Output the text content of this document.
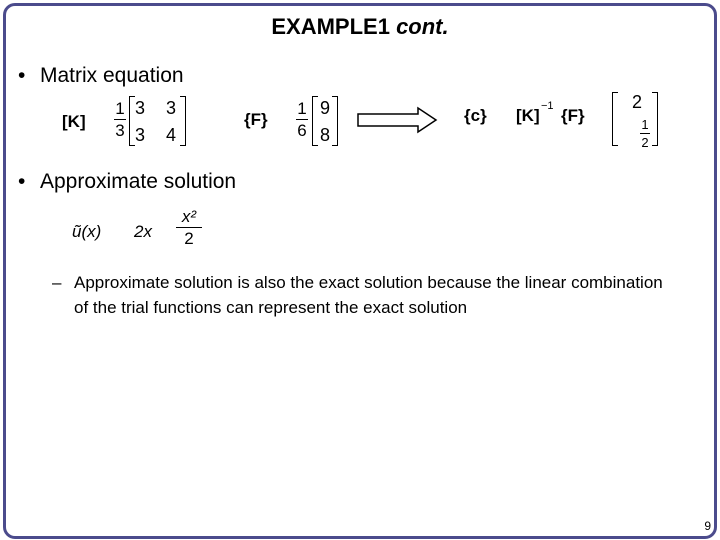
EXAMPLE1 cont.
• Matrix equation
[K]
1
3
3 3
3 4
{F}
1
6
9
8
{c} [K] −1 {F}
2
1
2
• Approximate solution
ũ(x) 2x
x²
2
– Approximate solution is also the exact solution because the linear combination of the trial functions can represent the exact solution
9
